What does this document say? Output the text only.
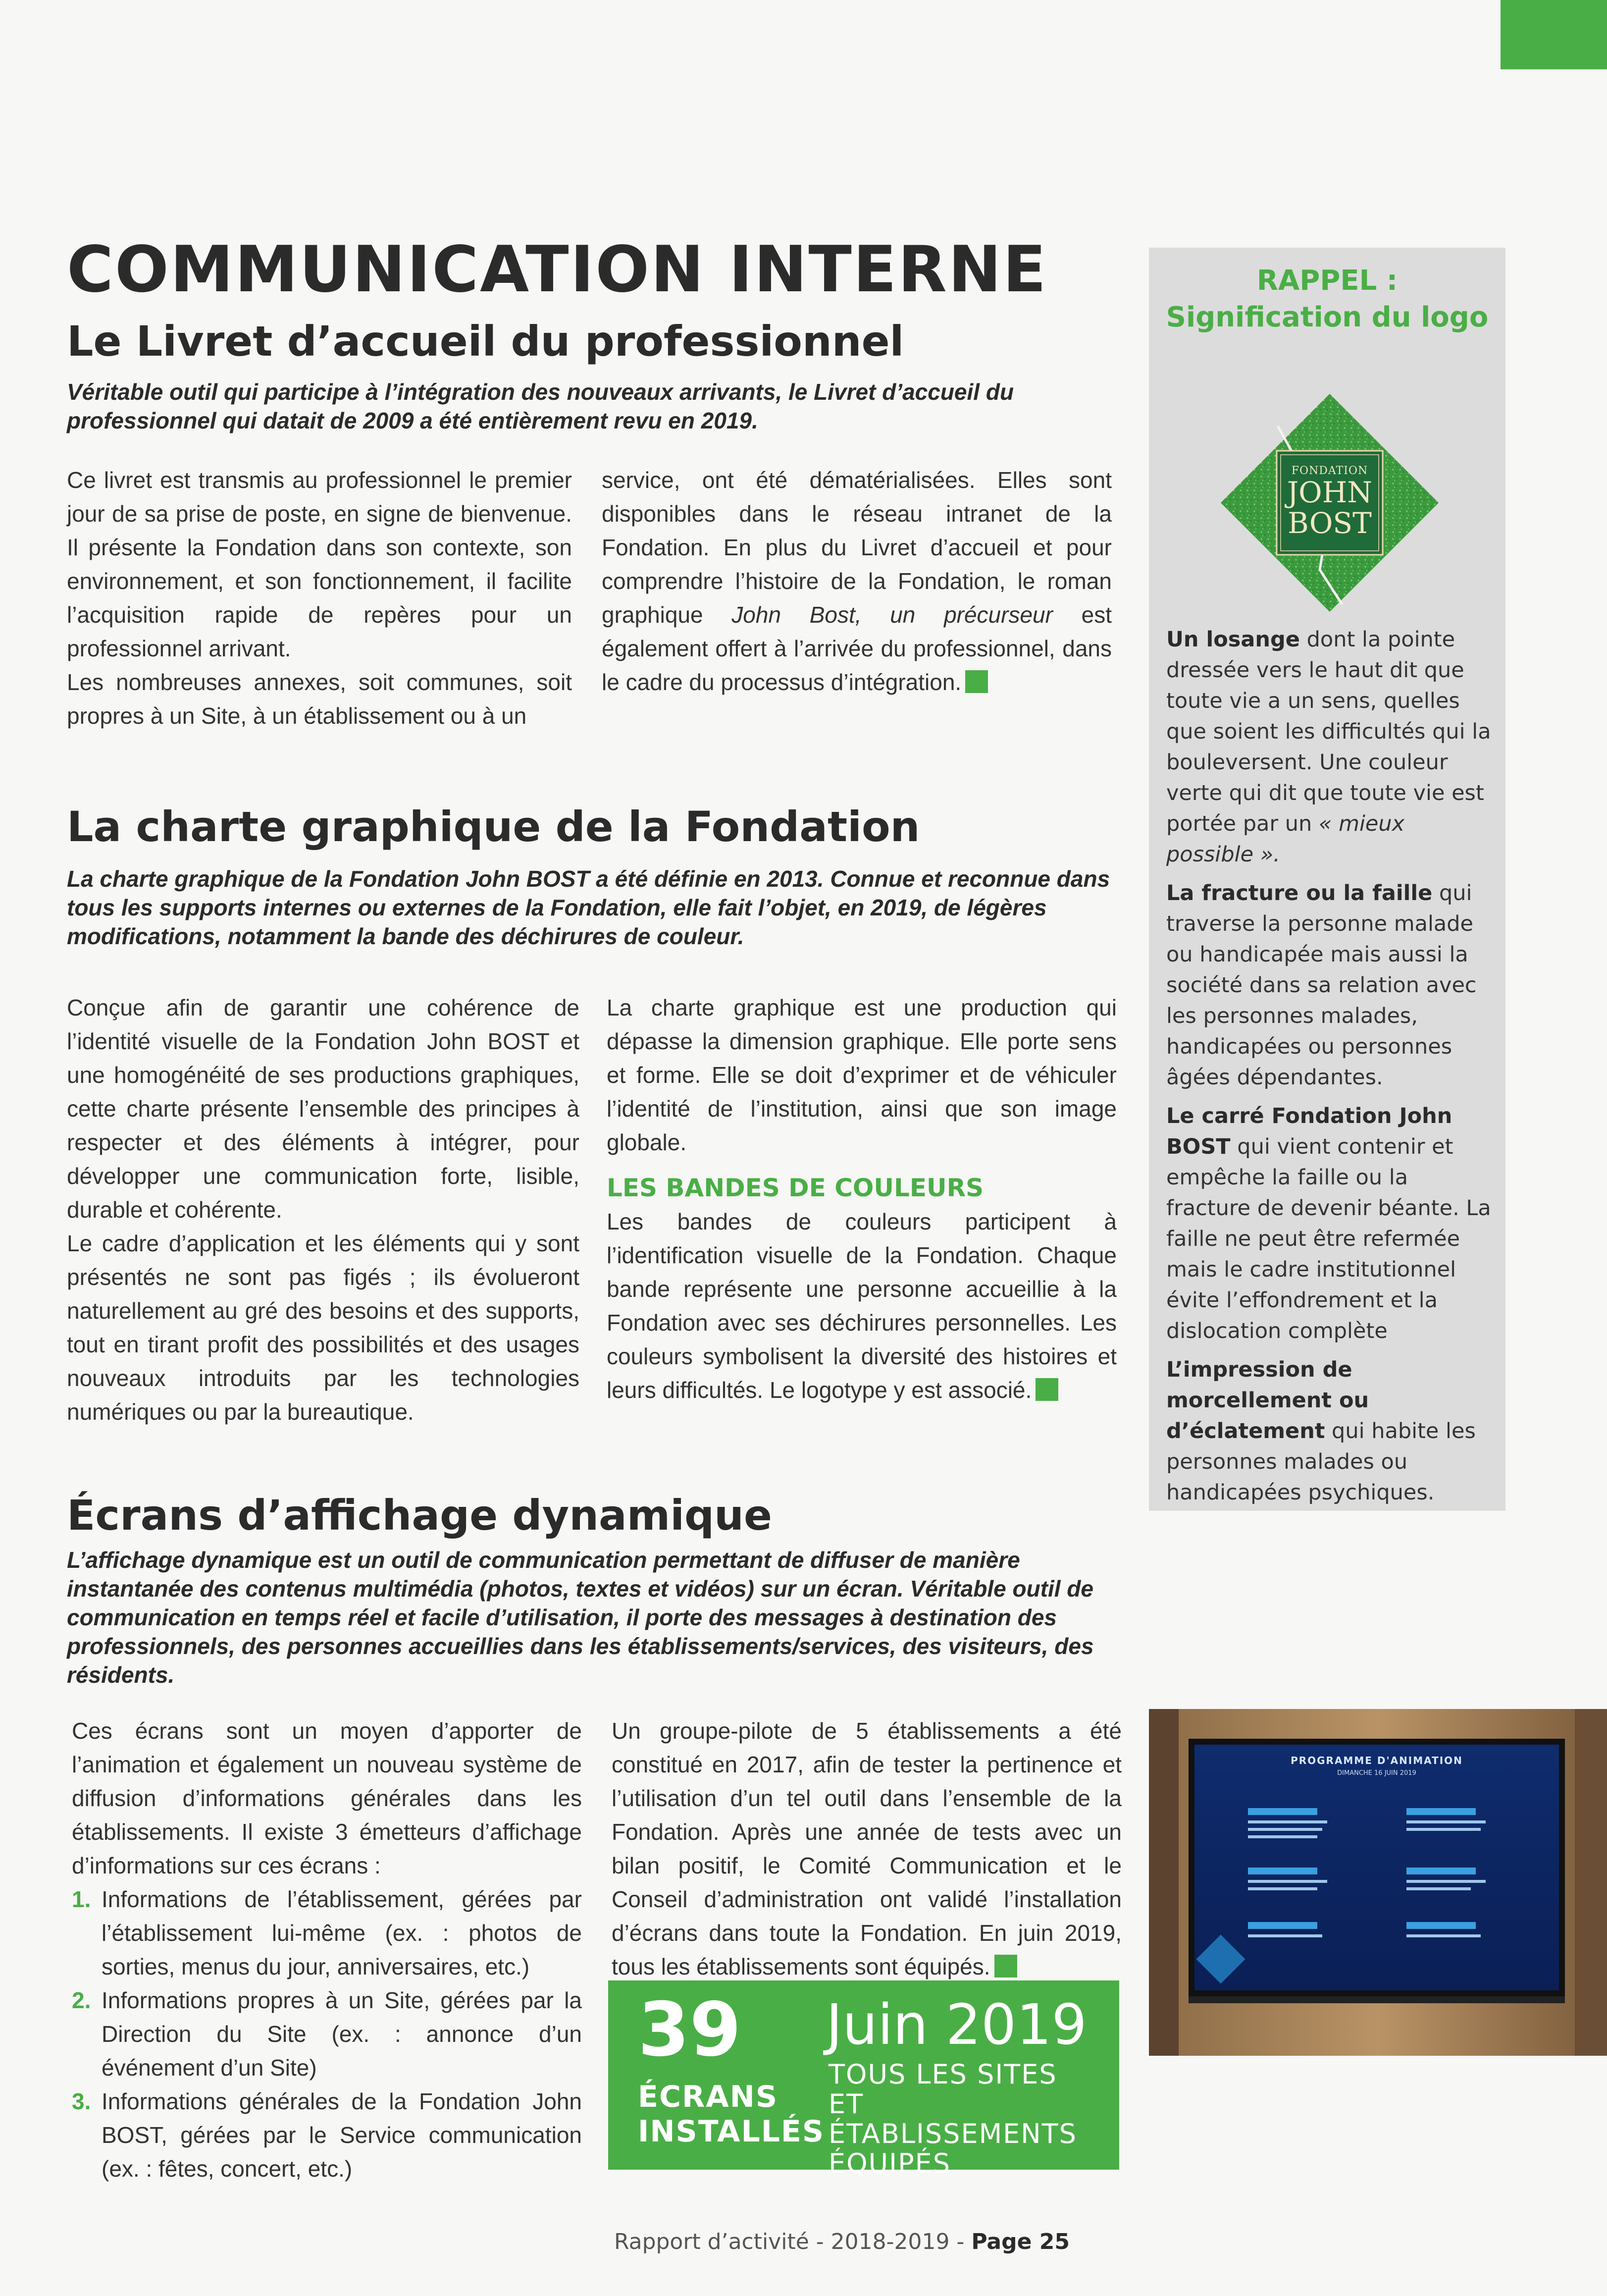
COMMUNICATION INTERNE
Le Livret d’accueil du professionnel

Véritable outil qui participe à l’intégration des nouveaux arrivants, le Livret d’accueil du professionnel qui datait de 2009 a été entièrement revu en 2019.

Ce livret est transmis au professionnel le premier jour de sa prise de poste, en signe de bienvenue. Il présente la Fondation dans son contexte, son environnement, et son fonctionnement, il facilite l’acquisition rapide de repères pour un professionnel arrivant.

Les nombreuses annexes, soit communes, soit propres à un Site, à un établissement ou à un

service, ont été dématérialisées. Elles sont disponibles dans le réseau intranet de la Fondation. En plus du Livret d’accueil et pour comprendre l’histoire de la Fondation, le roman graphique John Bost, un précurseur est également offert à l’arrivée du professionnel, dans le cadre du processus d’intégration.

La charte graphique de la Fondation

La charte graphique de la Fondation John BOST a été définie en 2013. Connue et reconnue dans tous les supports internes ou externes de la Fondation, elle fait l’objet, en 2019, de légères modifications, notamment la bande des déchirures de couleur.

Conçue afin de garantir une cohérence de l’identité visuelle de la Fondation John BOST et une homogénéité de ses productions graphiques, cette charte présente l’ensemble des principes à respecter et des éléments à intégrer, pour développer une communication forte, lisible, durable et cohérente.

Le cadre d’application et les éléments qui y sont présentés ne sont pas figés ; ils évolueront naturellement au gré des besoins et des supports, tout en tirant profit des possibilités et des usages nouveaux introduits par les technologies numériques ou par la bureautique.

La charte graphique est une production qui dépasse la dimension graphique. Elle porte sens et forme. Elle se doit d’exprimer et de véhiculer l’identité de l’institution, ainsi que son image globale.

LES BANDES DE COULEURS

Les bandes de couleurs participent à l’identification visuelle de la Fondation. Chaque bande représente une personne accueillie à la Fondation avec ses déchirures personnelles. Les couleurs symbolisent la diversité des histoires et leurs difficultés. Le logotype y est associé.

Écrans d’affichage dynamique

L’affichage dynamique est un outil de communication permettant de diffuser de manière instantanée des contenus multimédia (photos, textes et vidéos) sur un écran. Véritable outil de communication en temps réel et facile d’utilisation, il porte des messages à destination des professionnels, des personnes accueillies dans les établissements/services, des visiteurs, des résidents.

Ces écrans sont un moyen d’apporter de l’animation et également un nouveau système de diffusion d’informations générales dans les établissements. Il existe 3 émetteurs d’affichage d’informations sur ces écrans :

1. Informations de l’établissement, gérées par l’établissement lui-même (ex. : photos de sorties, menus du jour, anniversaires, etc.)
2. Informations propres à un Site, gérées par la Direction du Site (ex. : annonce d’un événement d’un Site)
3. Informations générales de la Fondation John BOST, gérées par le Service communication (ex. : fêtes, concert, etc.)

Un groupe-pilote de 5 établissements a été constitué en 2017, afin de tester la pertinence et l’utilisation d’un tel outil dans l’ensemble de la Fondation. Après une année de tests avec un bilan positif, le Comité Communication et le Conseil d’administration ont validé l’installation d’écrans dans toute la Fondation. En juin 2019, tous les établissements sont équipés.

39
ÉCRANS
INSTALLÉS
Juin 2019
TOUS LES SITES
ET ÉTABLISSEMENTS
ÉQUIPÉS
RAPPEL :
Signification du logo
FONDATION
JOHN
BOST

Un losange dont la pointe dressée vers le haut dit que toute vie a un sens, quelles que soient les difficultés qui la bouleversent. Une couleur verte qui dit que toute vie est portée par un « mieux possible ».

La fracture ou la faille qui traverse la personne malade ou handicapée mais aussi la société dans sa relation avec les personnes malades, handicapées ou personnes âgées dépendantes.

Le carré Fondation John BOST qui vient contenir et empêche la faille ou la fracture de devenir béante. La faille ne peut être refermée mais le cadre institutionnel évite l’effondrement et la dislocation complète

L’impression de morcellement ou d’éclatement qui habite les personnes malades ou handicapées psychiques.

PROGRAMME D'ANIMATION
DIMANCHE 16 JUIN 2019
Rapport d’activité - 2018-2019 - Page 25
